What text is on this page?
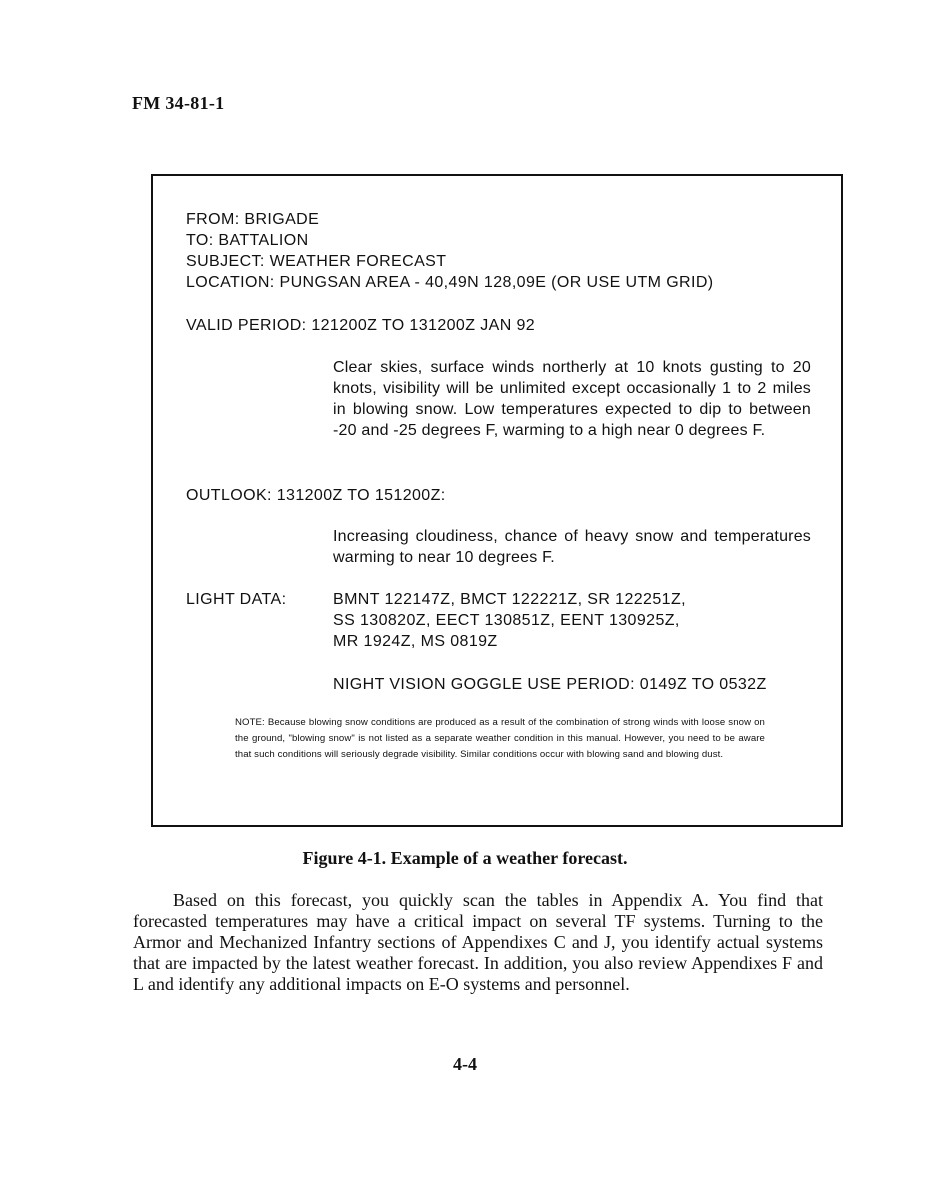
FM 34-81-1
FROM: BRIGADE
TO: BATTALION
SUBJECT: WEATHER FORECAST
LOCATION: PUNGSAN AREA - 40,49N 128,09E (OR USE UTM GRID)
VALID PERIOD: 121200Z TO 131200Z JAN 92
Clear skies, surface winds northerly at 10 knots gusting to 20 knots, visibility will be unlimited except occasionally 1 to 2 miles in blowing snow. Low temperatures expected to dip to between -20 and -25 degrees F, warming to a high near 0 degrees F.
OUTLOOK: 131200Z TO 151200Z:
Increasing cloudiness, chance of heavy snow and temperatures warming to near 10 degrees F.
LIGHT DATA:	BMNT 122147Z, BMCT 122221Z, SR 122251Z,
SS 130820Z, EECT 130851Z, EENT 130925Z,
MR 1924Z, MS 0819Z
NIGHT VISION GOGGLE USE PERIOD: 0149Z TO 0532Z
NOTE: Because blowing snow conditions are produced as a result of the combination of strong winds with loose snow on the ground, "blowing snow" is not listed as a separate weather condition in this manual. However, you need to be aware that such conditions will seriously degrade visibility. Similar conditions occur with blowing sand and blowing dust.
Figure 4-1. Example of a weather forecast.
Based on this forecast, you quickly scan the tables in Appendix A. You find that forecasted temperatures may have a critical impact on several TF systems. Turning to the Armor and Mechanized Infantry sections of Appendixes C and J, you identify actual systems that are impacted by the latest weather forecast. In addition, you also review Appendixes F and L and identify any additional impacts on E-O systems and personnel.
4-4
